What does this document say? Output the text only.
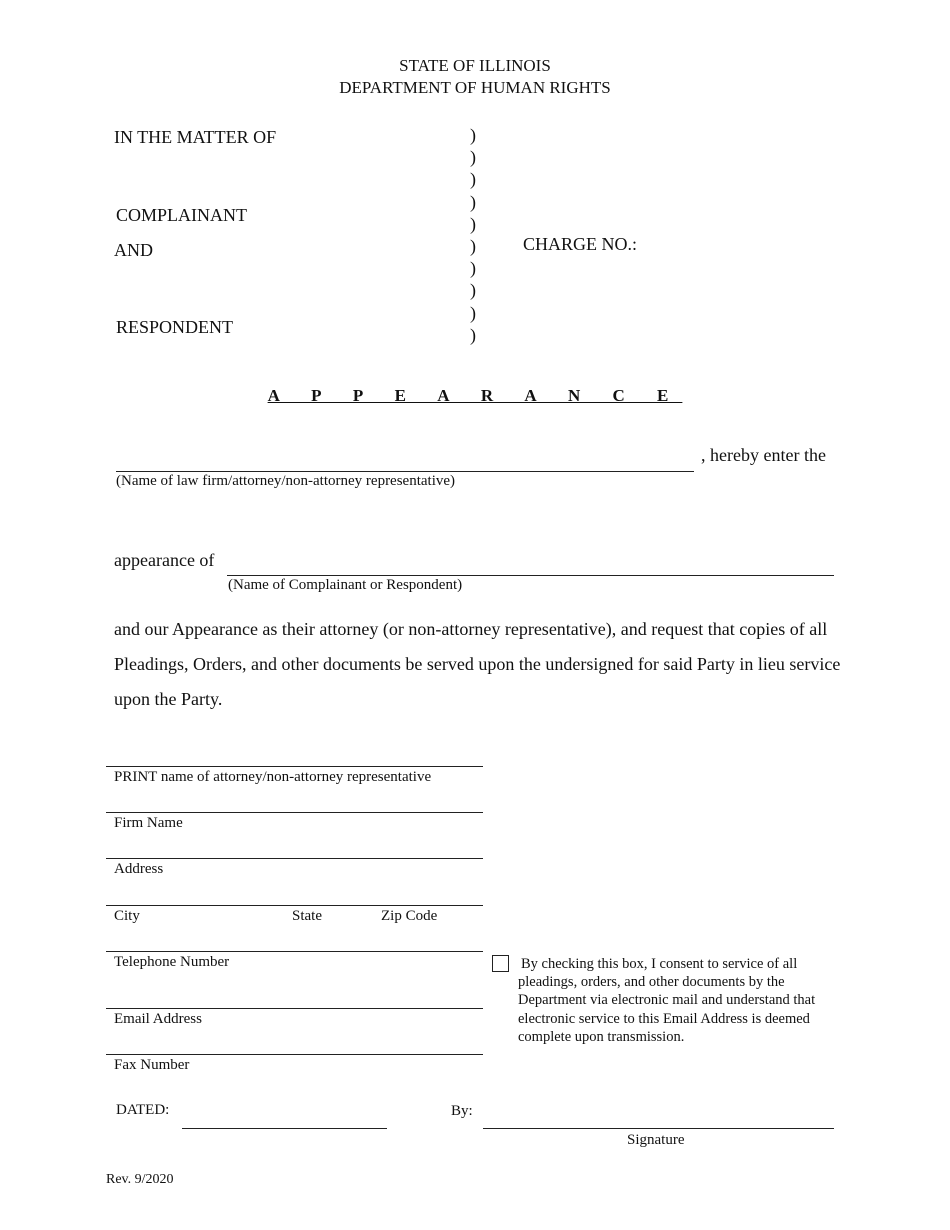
STATE OF ILLINOIS
DEPARTMENT OF HUMAN RIGHTS
IN THE MATTER OF
COMPLAINANT
AND
RESPONDENT
)
)
)
)
)
)
)
)
)
)
CHARGE NO.:
A P P E A R A N C E
, hereby enter the
(Name of law firm/attorney/non-attorney representative)
appearance of
(Name of Complainant or Respondent)
and our Appearance as their attorney (or non-attorney representative), and request that copies of all Pleadings, Orders, and other documents be served upon the undersigned for said Party in lieu service upon the Party.
PRINT name of attorney/non-attorney representative
Firm Name
Address
City	State	Zip Code
Telephone Number
Email Address
Fax Number
By checking this box, I consent to service of all pleadings, orders, and other documents by the Department via electronic mail and understand that electronic service to this Email Address is deemed complete upon transmission.
DATED:	By:
Signature
Rev. 9/2020
